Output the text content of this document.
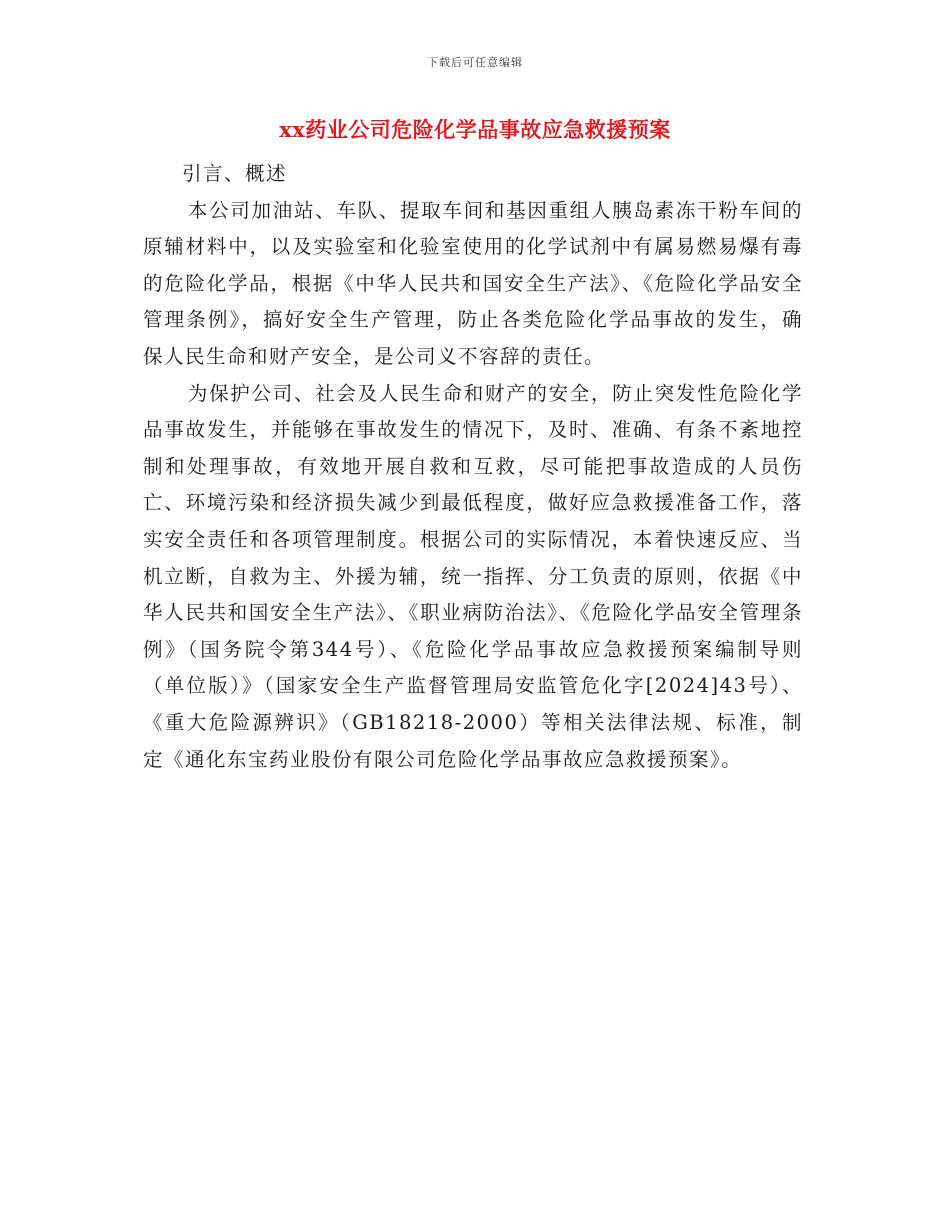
下载后可任意编辑
xx药业公司危险化学品事故应急救援预案

引言、概述

本公司加油站、车队、提取车间和基因重组人胰岛素冻干粉车间的原辅材料中，以及实验室和化验室使用的化学试剂中有属易燃易爆有毒的危险化学品，根据《中华人民共和国安全生产法》、《危险化学品安全管理条例》，搞好安全生产管理，防止各类危险化学品事故的发生，确保人民生命和财产安全，是公司义不容辞的责任。

为保护公司、社会及人民生命和财产的安全，防止突发性危险化学品事故发生，并能够在事故发生的情况下，及时、准确、有条不紊地控制和处理事故，有效地开展自救和互救，尽可能把事故造成的人员伤亡、环境污染和经济损失减少到最低程度，做好应急救援准备工作，落实安全责任和各项管理制度。根据公司的实际情况，本着快速反应、当机立断，自救为主、外援为辅，统一指挥、分工负责的原则，依据《中华人民共和国安全生产法》、《职业病防治法》、《危险化学品安全管理条例》（国务院令第344号）、《危险化学品事故应急救援预案编制导则（单位版）》（国家安全生产监督管理局安监管危化字[2024]43号）、《重大危险源辨识》（GB18218-2000）等相关法律法规、标准，制定《通化东宝药业股份有限公司危险化学品事故应急救援预案》。
